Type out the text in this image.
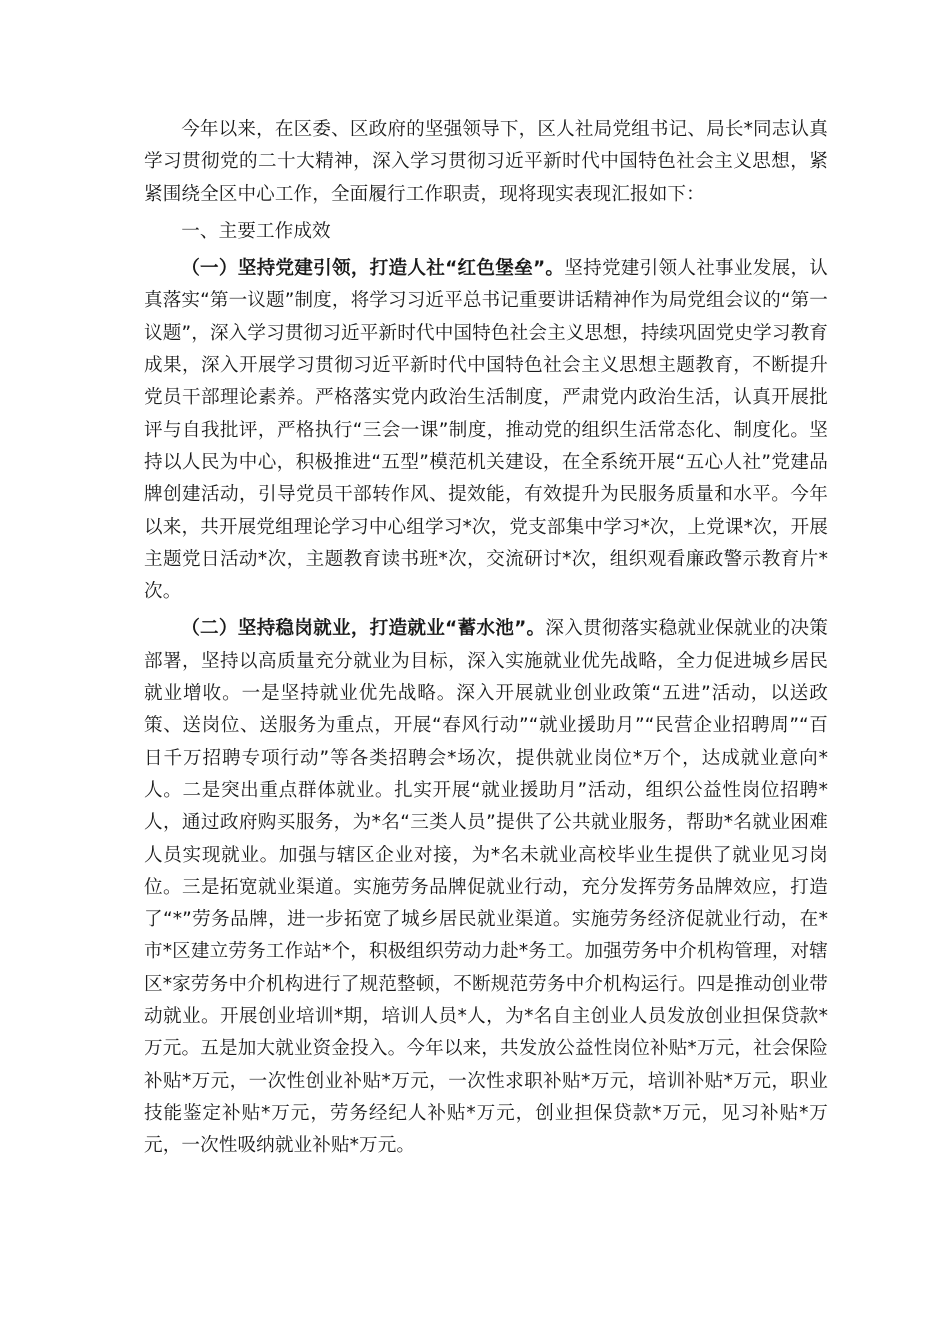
今年以来，在区委、区政府的坚强领导下，区人社局党组书记、局长*同志认真学习贯彻党的二十大精神，深入学习贯彻习近平新时代中国特色社会主义思想，紧紧围绕全区中心工作，全面履行工作职责，现将现实表现汇报如下：

一、主要工作成效

（一）坚持党建引领，打造人社“红色堡垒”。坚持党建引领人社事业发展，认真落实“第一议题”制度，将学习习近平总书记重要讲话精神作为局党组会议的“第一议题”，深入学习贯彻习近平新时代中国特色社会主义思想，持续巩固党史学习教育成果，深入开展学习贯彻习近平新时代中国特色社会主义思想主题教育，不断提升党员干部理论素养。严格落实党内政治生活制度，严肃党内政治生活，认真开展批评与自我批评，严格执行“三会一课”制度，推动党的组织生活常态化、制度化。坚持以人民为中心，积极推进“五型”模范机关建设，在全系统开展“五心人社”党建品牌创建活动，引导党员干部转作风、提效能，有效提升为民服务质量和水平。今年以来，共开展党组理论学习中心组学习*次，党支部集中学习*次，上党课*次，开展主题党日活动*次，主题教育读书班*次，交流研讨*次，组织观看廉政警示教育片*次。

（二）坚持稳岗就业，打造就业“蓄水池”。深入贯彻落实稳就业保就业的决策部署，坚持以高质量充分就业为目标，深入实施就业优先战略，全力促进城乡居民就业增收。一是坚持就业优先战略。深入开展就业创业政策“五进”活动，以送政策、送岗位、送服务为重点，开展“春风行动”“就业援助月”“民营企业招聘周”“百日千万招聘专项行动”等各类招聘会*场次，提供就业岗位*万个，达成就业意向*人。二是突出重点群体就业。扎实开展“就业援助月”活动，组织公益性岗位招聘*人，通过政府购买服务，为*名“三类人员”提供了公共就业服务，帮助*名就业困难人员实现就业。加强与辖区企业对接，为*名未就业高校毕业生提供了就业见习岗位。三是拓宽就业渠道。实施劳务品牌促就业行动，充分发挥劳务品牌效应，打造了“*”劳务品牌，进一步拓宽了城乡居民就业渠道。实施劳务经济促就业行动，在*市*区建立劳务工作站*个，积极组织劳动力赴*务工。加强劳务中介机构管理，对辖区*家劳务中介机构进行了规范整顿，不断规范劳务中介机构运行。四是推动创业带动就业。开展创业培训*期，培训人员*人，为*名自主创业人员发放创业担保贷款*万元。五是加大就业资金投入。今年以来，共发放公益性岗位补贴*万元，社会保险补贴*万元，一次性创业补贴*万元，一次性求职补贴*万元，培训补贴*万元，职业技能鉴定补贴*万元，劳务经纪人补贴*万元，创业担保贷款*万元，见习补贴*万元，一次性吸纳就业补贴*万元。
